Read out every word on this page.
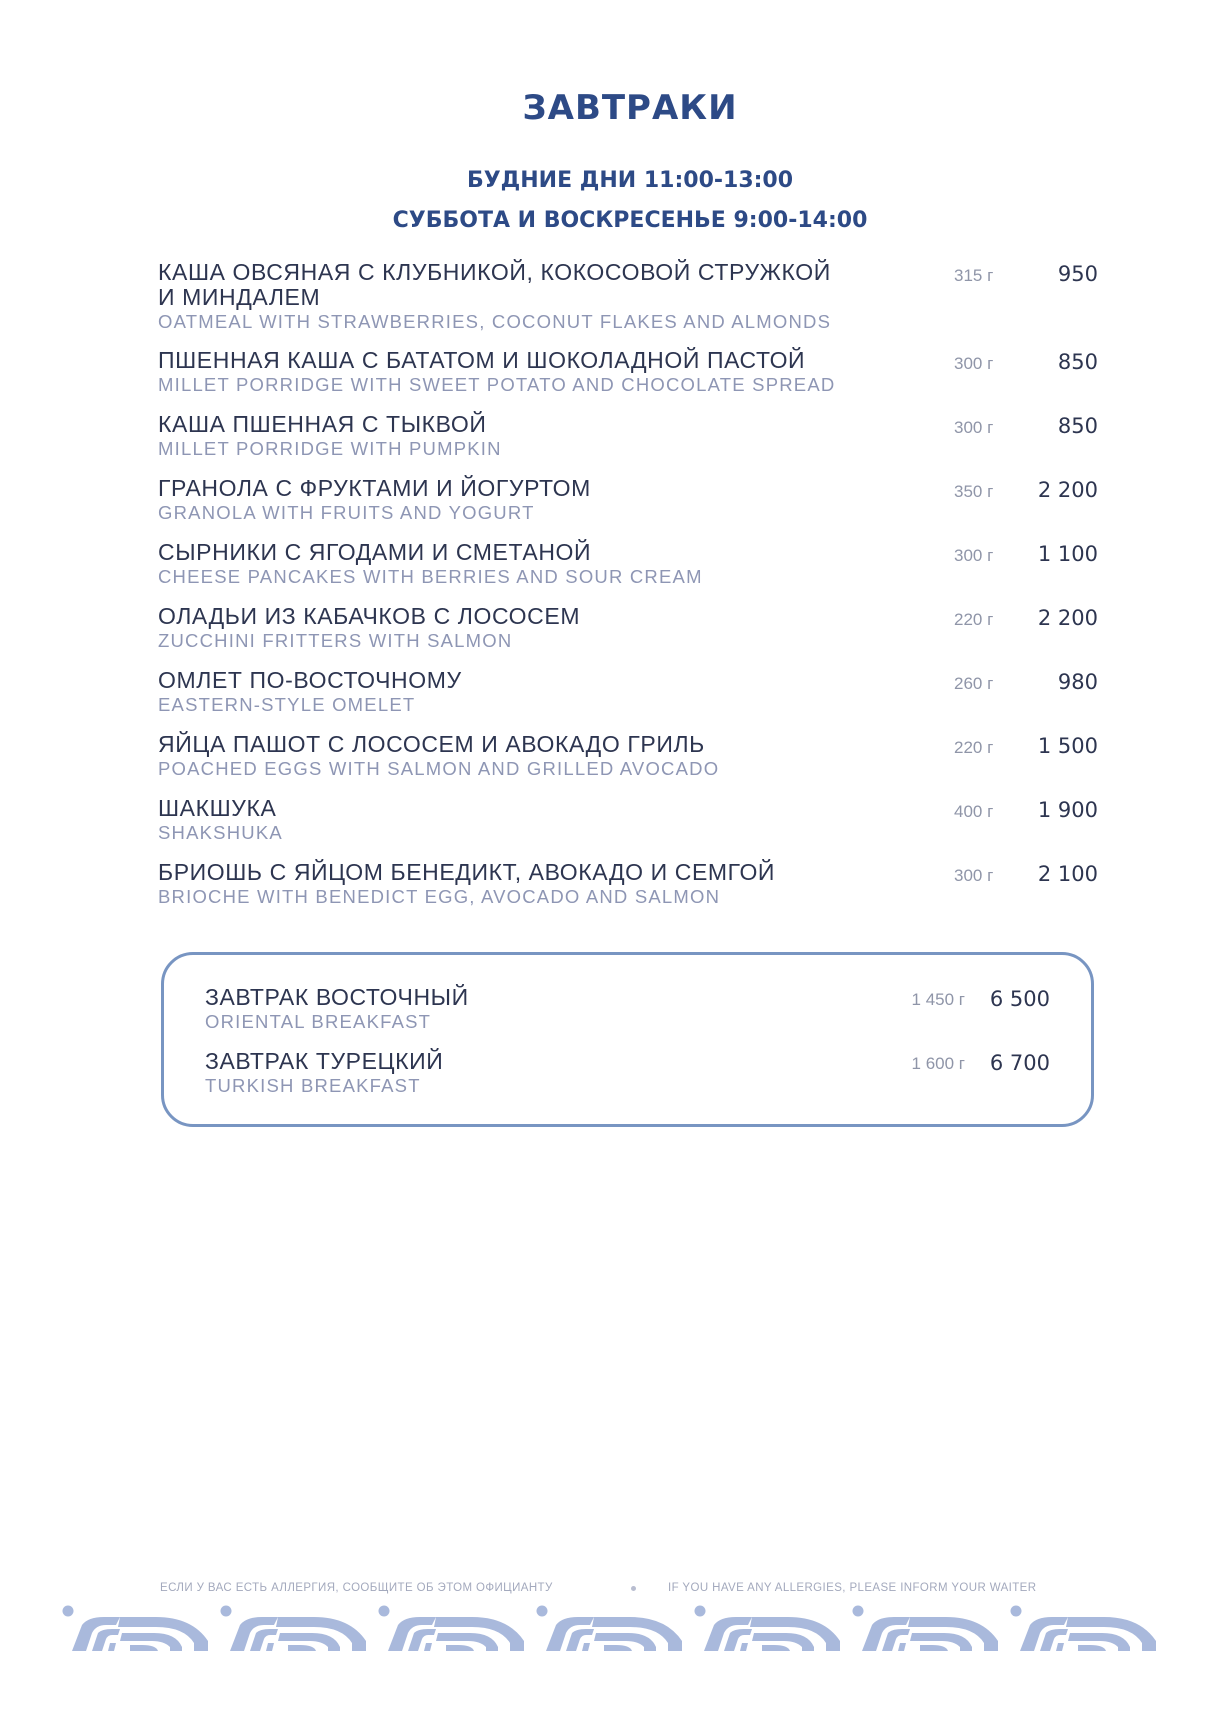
ЗАВТРАКИ
БУДНИЕ ДНИ 11:00-13:00
СУББОТА И ВОСКРЕСЕНЬЕ 9:00-14:00
КАША ОВСЯНАЯ С КЛУБНИКОЙ, КОКОСОВОЙ СТРУЖКОЙ И МИНДАЛЕМ
OATMEAL WITH STRAWBERRIES, COCONUT FLAKES AND ALMONDS
315 г	950
ПШЕННАЯ КАША С БАТАТОМ И ШОКОЛАДНОЙ ПАСТОЙ
MILLET PORRIDGE WITH SWEET POTATO AND CHOCOLATE SPREAD
300 г	850
КАША ПШЕННАЯ С ТЫКВОЙ
MILLET PORRIDGE WITH PUMPKIN
300 г	850
ГРАНОЛА С ФРУКТАМИ И ЙОГУРТОМ
GRANOLA WITH FRUITS AND YOGURT
350 г 2 200
СЫРНИКИ С ЯГОДАМИ И СМЕТАНОЙ
CHEESE PANCAKES WITH BERRIES AND SOUR CREAM
300 г 1 100
ОЛАДЬИ ИЗ КАБАЧКОВ С ЛОСОСЕМ
ZUCCHINI FRITTERS WITH SALMON
220 г 2 200
ОМЛЕТ ПО-ВОСТОЧНОМУ
EASTERN-STYLE OMELET
260 г	980
ЯЙЦА ПАШОТ С ЛОСОСЕМ И АВОКАДО ГРИЛЬ
POACHED EGGS WITH SALMON AND GRILLED AVOCADO
220 г 1 500
ШАКШУКА
SHAKSHUKA
400 г 1 900
БРИОШЬ С ЯЙЦОМ БЕНЕДИКТ, АВОКАДО И СЕМГОЙ
BRIOCHE WITH BENEDICT EGG, AVOCADO AND SALMON
300 г 2 100
ЗАВТРАК ВОСТОЧНЫЙ
ORIENTAL BREAKFAST
1 450 г 6 500
ЗАВТРАК ТУРЕЦКИЙ
TURKISH BREAKFAST
1 600 г 6 700
ЕСЛИ У ВАС ЕСТЬ АЛЛЕРГИЯ, СООБЩИТЕ ОБ ЭТОМ ОФИЦИАНТУ	IF YOU HAVE ANY ALLERGIES, PLEASE INFORM YOUR WAITER
